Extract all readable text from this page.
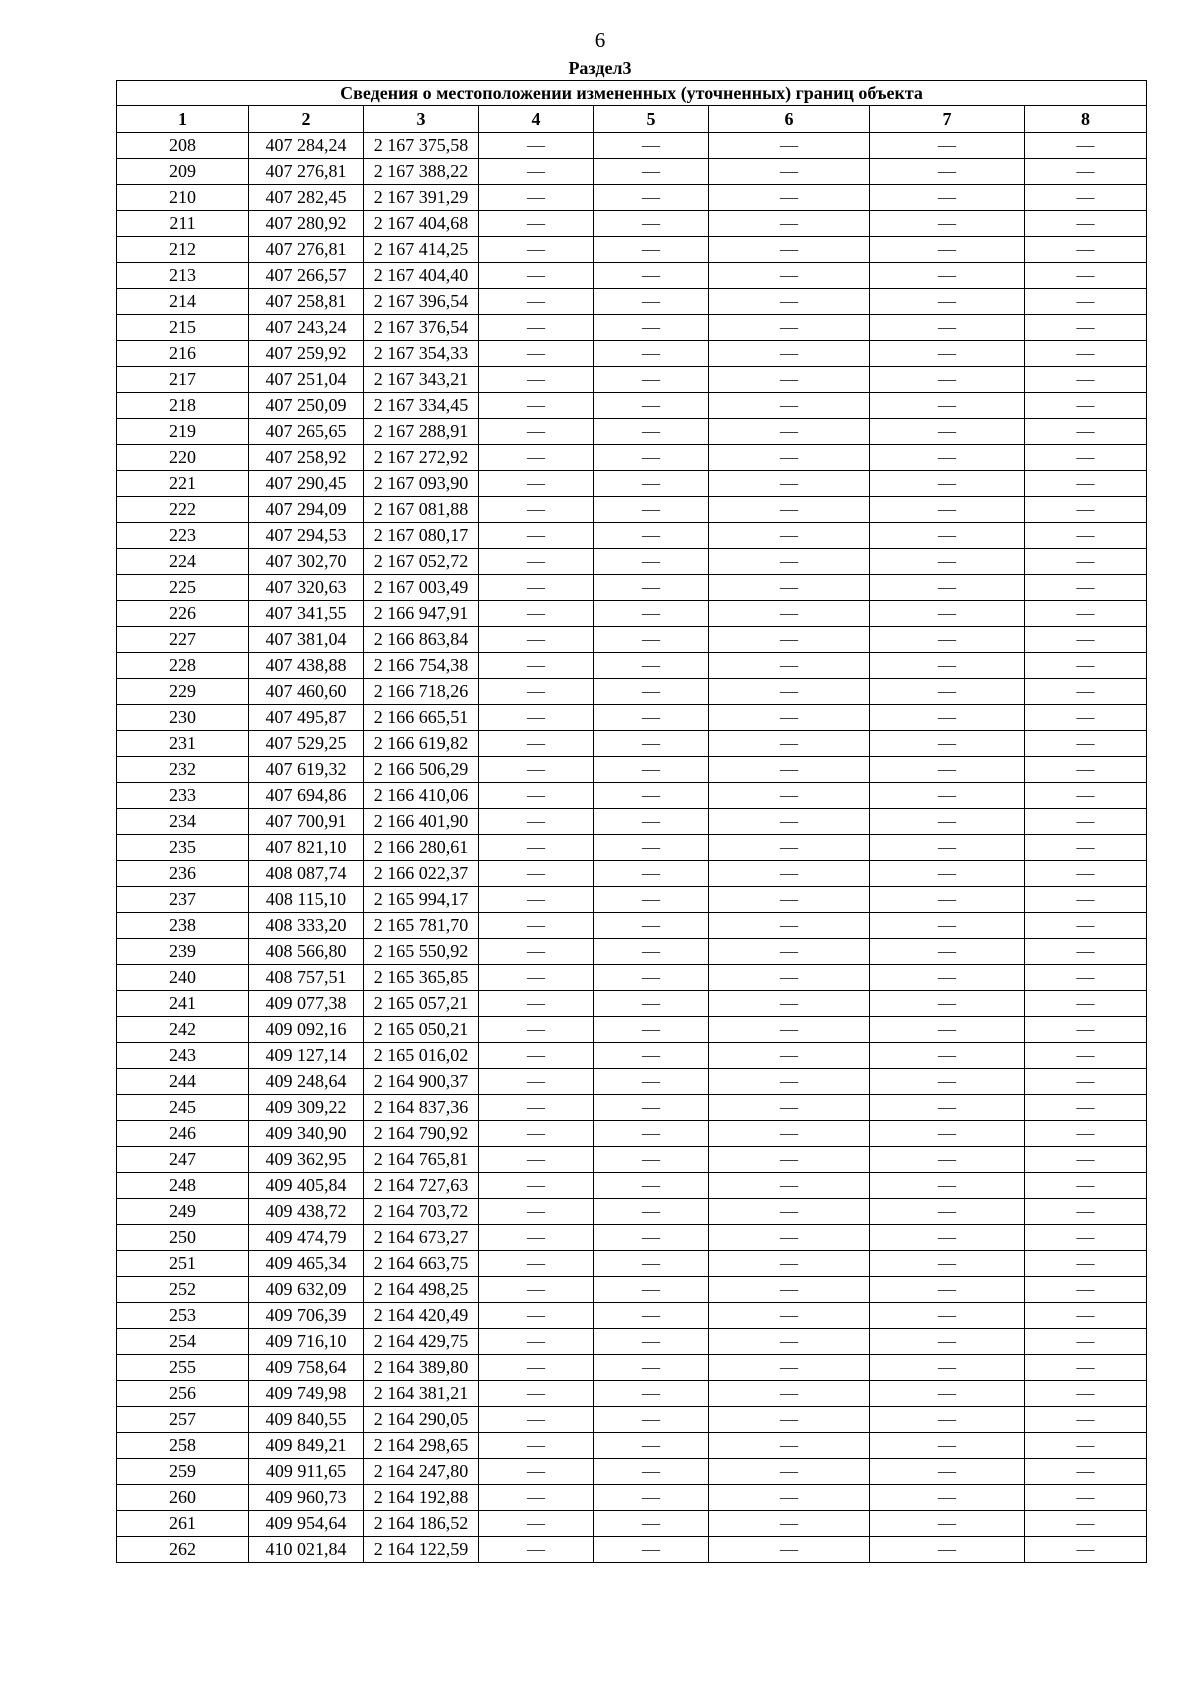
6
Раздел3
Сведения о местоположении измененных (уточненных) границ объекта							
1	2	3	4	5	6	7	8
208	407 284,24	2 167 375,58	—	—	—	—	—
209	407 276,81	2 167 388,22	—	—	—	—	—
210	407 282,45	2 167 391,29	—	—	—	—	—
211	407 280,92	2 167 404,68	—	—	—	—	—
212	407 276,81	2 167 414,25	—	—	—	—	—
213	407 266,57	2 167 404,40	—	—	—	—	—
214	407 258,81	2 167 396,54	—	—	—	—	—
215	407 243,24	2 167 376,54	—	—	—	—	—
216	407 259,92	2 167 354,33	—	—	—	—	—
217	407 251,04	2 167 343,21	—	—	—	—	—
218	407 250,09	2 167 334,45	—	—	—	—	—
219	407 265,65	2 167 288,91	—	—	—	—	—
220	407 258,92	2 167 272,92	—	—	—	—	—
221	407 290,45	2 167 093,90	—	—	—	—	—
222	407 294,09	2 167 081,88	—	—	—	—	—
223	407 294,53	2 167 080,17	—	—	—	—	—
224	407 302,70	2 167 052,72	—	—	—	—	—
225	407 320,63	2 167 003,49	—	—	—	—	—
226	407 341,55	2 166 947,91	—	—	—	—	—
227	407 381,04	2 166 863,84	—	—	—	—	—
228	407 438,88	2 166 754,38	—	—	—	—	—
229	407 460,60	2 166 718,26	—	—	—	—	—
230	407 495,87	2 166 665,51	—	—	—	—	—
231	407 529,25	2 166 619,82	—	—	—	—	—
232	407 619,32	2 166 506,29	—	—	—	—	—
233	407 694,86	2 166 410,06	—	—	—	—	—
234	407 700,91	2 166 401,90	—	—	—	—	—
235	407 821,10	2 166 280,61	—	—	—	—	—
236	408 087,74	2 166 022,37	—	—	—	—	—
237	408 115,10	2 165 994,17	—	—	—	—	—
238	408 333,20	2 165 781,70	—	—	—	—	—
239	408 566,80	2 165 550,92	—	—	—	—	—
240	408 757,51	2 165 365,85	—	—	—	—	—
241	409 077,38	2 165 057,21	—	—	—	—	—
242	409 092,16	2 165 050,21	—	—	—	—	—
243	409 127,14	2 165 016,02	—	—	—	—	—
244	409 248,64	2 164 900,37	—	—	—	—	—
245	409 309,22	2 164 837,36	—	—	—	—	—
246	409 340,90	2 164 790,92	—	—	—	—	—
247	409 362,95	2 164 765,81	—	—	—	—	—
248	409 405,84	2 164 727,63	—	—	—	—	—
249	409 438,72	2 164 703,72	—	—	—	—	—
250	409 474,79	2 164 673,27	—	—	—	—	—
251	409 465,34	2 164 663,75	—	—	—	—	—
252	409 632,09	2 164 498,25	—	—	—	—	—
253	409 706,39	2 164 420,49	—	—	—	—	—
254	409 716,10	2 164 429,75	—	—	—	—	—
255	409 758,64	2 164 389,80	—	—	—	—	—
256	409 749,98	2 164 381,21	—	—	—	—	—
257	409 840,55	2 164 290,05	—	—	—	—	—
258	409 849,21	2 164 298,65	—	—	—	—	—
259	409 911,65	2 164 247,80	—	—	—	—	—
260	409 960,73	2 164 192,88	—	—	—	—	—
261	409 954,64	2 164 186,52	—	—	—	—	—
262	410 021,84	2 164 122,59	—	—	—	—	—
